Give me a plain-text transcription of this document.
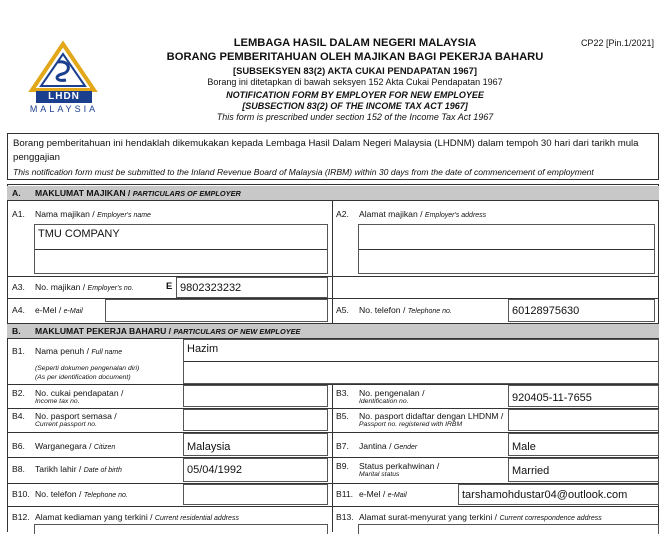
LHDN
MALAYSIA
CP22 [Pin.1/2021]
LEMBAGA HASIL DALAM NEGERI MALAYSIA
BORANG PEMBERITAHUAN OLEH MAJIKAN BAGI PEKERJA BAHARU
[SUBSEKSYEN 83(2) AKTA CUKAI PENDAPATAN 1967]
Borang ini ditetapkan di bawah seksyen 152 Akta Cukai Pendapatan 1967
NOTIFICATION FORM BY EMPLOYER FOR NEW EMPLOYEE
[SUBSECTION 83(2) OF THE INCOME TAX ACT 1967]
This form is prescribed under section 152 of the Income Tax Act 1967
Borang pemberitahuan ini hendaklah dikemukakan kepada Lembaga Hasil Dalam Negeri Malaysia (LHDNM) dalam tempoh 30 hari dari tarikh mula penggajian
This notification form must be submitted to the Inland Revenue Board of Malaysia (IRBM) within 30 days from the date of commencement of employment
A. MAKLUMAT MAJIKAN / PARTICULARS OF EMPLOYER
A1. Nama majikan / Employer's name
TMU COMPANY
A2. Alamat majikan / Employer's address
A3. No. majikan / Employer's no.	E 9802323232
A4. e-Mel / e-Mail	A5. No. telefon / Telephone no.	60128975630
B. MAKLUMAT PEKERJA BAHARU / PARTICULARS OF NEW EMPLOYEE
B1. Nama penuh / Full name
(Seperti dokumen pengenalan diri)
(As per identification document)
Hazim
B2. No. cukai pendapatan /
Income tax no.
B3. No. pengenalan /
Identification no.	920405-11-7655
B4. No. pasport semasa /
Current passport no.
B5. No. pasport didaftar dengan LHDNM /
Passport no. registered with IRBM
B6. Warganegara / Citizen	Malaysia	B7. Jantina / Gender	Male
B8. Tarikh lahir / Date of birth	05/04/1992	B9. Status perkahwinan /
Marital status	Married
B10. No. telefon / Telephone no.	B11. e-Mel / e-Mail	tarshamohdustar04@outlook.com
B12. Alamat kediaman yang terkini / Current residential address	B13. Alamat surat-menyurat yang terkini / Current correspondence address
